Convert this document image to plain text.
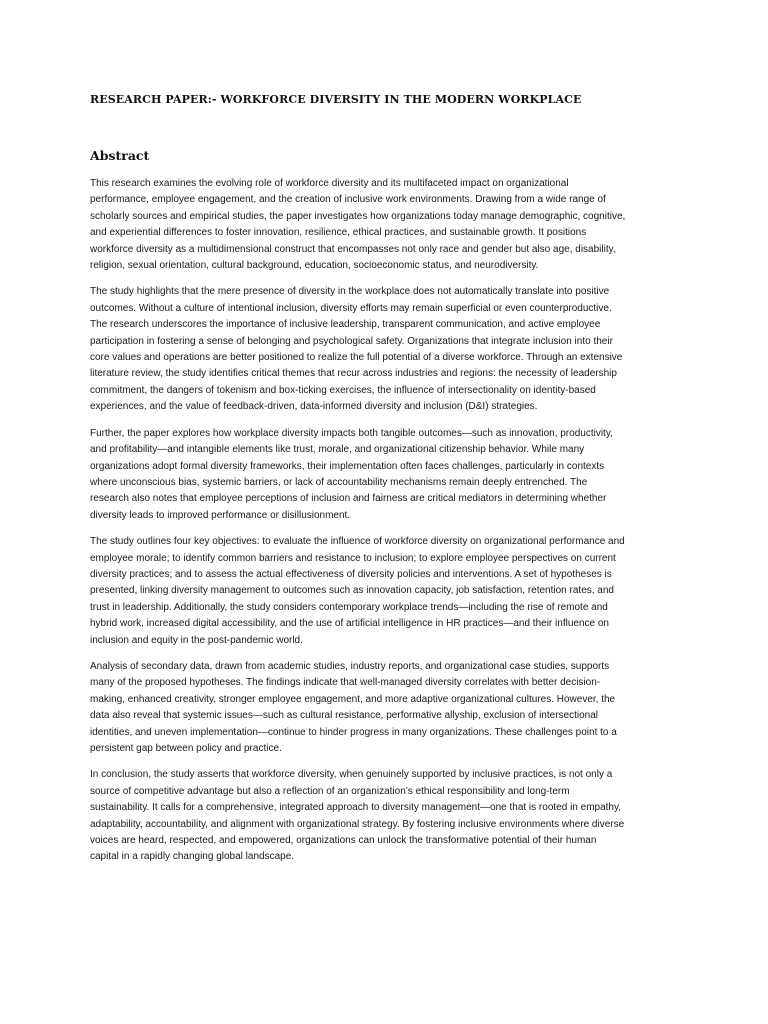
RESEARCH PAPER:- WORKFORCE DIVERSITY IN THE MODERN WORKPLACE
Abstract

This research examines the evolving role of workforce diversity and its multifaceted impact on organizational
performance, employee engagement, and the creation of inclusive work environments. Drawing from a wide range of
scholarly sources and empirical studies, the paper investigates how organizations today manage demographic, cognitive,
and experiential differences to foster innovation, resilience, ethical practices, and sustainable growth. It positions
workforce diversity as a multidimensional construct that encompasses not only race and gender but also age, disability,
religion, sexual orientation, cultural background, education, socioeconomic status, and neurodiversity.

The study highlights that the mere presence of diversity in the workplace does not automatically translate into positive
outcomes. Without a culture of intentional inclusion, diversity efforts may remain superficial or even counterproductive.
The research underscores the importance of inclusive leadership, transparent communication, and active employee
participation in fostering a sense of belonging and psychological safety. Organizations that integrate inclusion into their
core values and operations are better positioned to realize the full potential of a diverse workforce. Through an extensive
literature review, the study identifies critical themes that recur across industries and regions: the necessity of leadership
commitment, the dangers of tokenism and box-ticking exercises, the influence of intersectionality on identity-based
experiences, and the value of feedback-driven, data-informed diversity and inclusion (D&I) strategies.

Further, the paper explores how workplace diversity impacts both tangible outcomes—such as innovation, productivity,
and profitability—and intangible elements like trust, morale, and organizational citizenship behavior. While many
organizations adopt formal diversity frameworks, their implementation often faces challenges, particularly in contexts
where unconscious bias, systemic barriers, or lack of accountability mechanisms remain deeply entrenched. The
research also notes that employee perceptions of inclusion and fairness are critical mediators in determining whether
diversity leads to improved performance or disillusionment.

The study outlines four key objectives: to evaluate the influence of workforce diversity on organizational performance and
employee morale; to identify common barriers and resistance to inclusion; to explore employee perspectives on current
diversity practices; and to assess the actual effectiveness of diversity policies and interventions. A set of hypotheses is
presented, linking diversity management to outcomes such as innovation capacity, job satisfaction, retention rates, and
trust in leadership. Additionally, the study considers contemporary workplace trends—including the rise of remote and
hybrid work, increased digital accessibility, and the use of artificial intelligence in HR practices—and their influence on
inclusion and equity in the post-pandemic world.

Analysis of secondary data, drawn from academic studies, industry reports, and organizational case studies, supports
many of the proposed hypotheses. The findings indicate that well-managed diversity correlates with better decision-
making, enhanced creativity, stronger employee engagement, and more adaptive organizational cultures. However, the
data also reveal that systemic issues—such as cultural resistance, performative allyship, exclusion of intersectional
identities, and uneven implementation—continue to hinder progress in many organizations. These challenges point to a
persistent gap between policy and practice.

In conclusion, the study asserts that workforce diversity, when genuinely supported by inclusive practices, is not only a
source of competitive advantage but also a reflection of an organization’s ethical responsibility and long-term
sustainability. It calls for a comprehensive, integrated approach to diversity management—one that is rooted in empathy,
adaptability, accountability, and alignment with organizational strategy. By fostering inclusive environments where diverse
voices are heard, respected, and empowered, organizations can unlock the transformative potential of their human
capital in a rapidly changing global landscape.
